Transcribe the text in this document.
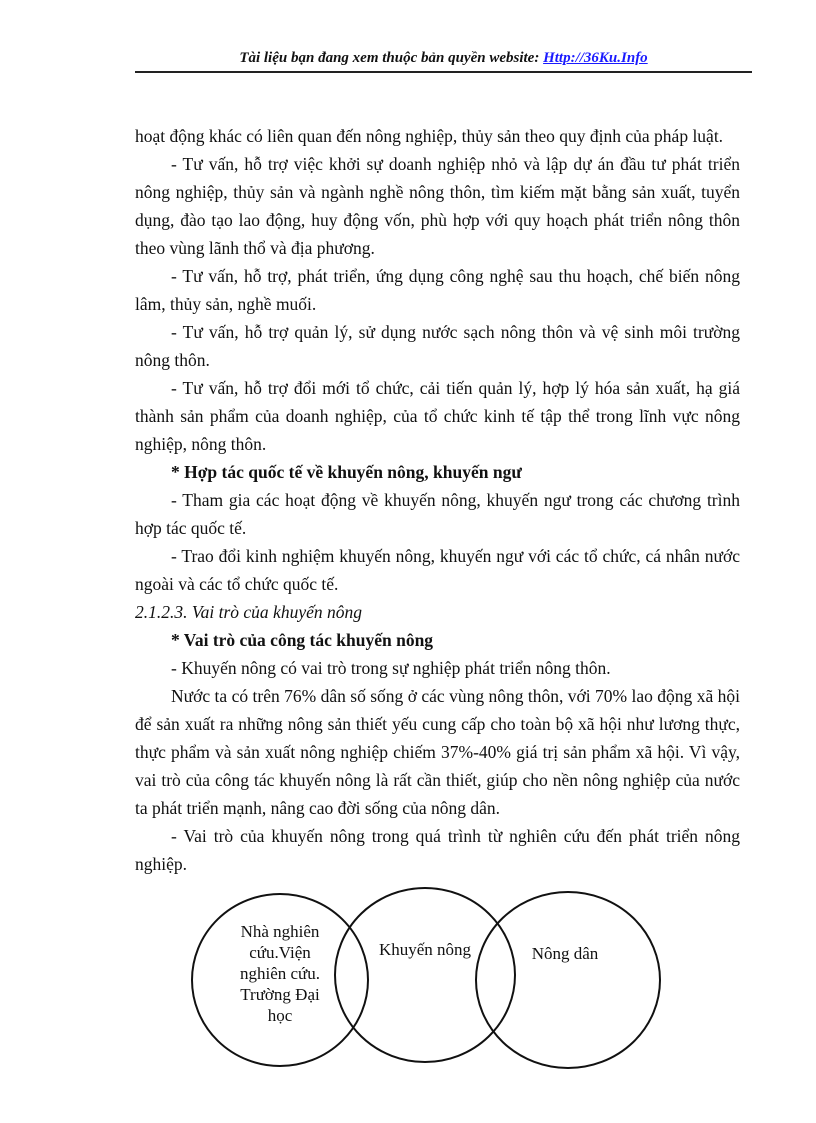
Tài liệu bạn đang xem thuộc bản quyền website: Http://36Ku.Info

hoạt động khác có liên quan đến nông nghiệp, thủy sản theo quy định của pháp luật.

- Tư vấn, hỗ trợ việc khởi sự doanh nghiệp nhỏ và lập dự án đầu tư phát triển nông nghiệp, thủy sản và ngành nghề nông thôn, tìm kiếm mặt bằng sản xuất, tuyển dụng, đào tạo lao động, huy động vốn, phù hợp với quy hoạch phát triển nông thôn theo vùng lãnh thổ và địa phương.

- Tư vấn, hỗ trợ, phát triển, ứng dụng công nghệ sau thu hoạch, chế biến nông lâm, thủy sản, nghề muối.

- Tư vấn, hỗ trợ quản lý, sử dụng nước sạch nông thôn và vệ sinh môi trường nông thôn.

- Tư vấn, hỗ trợ đổi mới tổ chức, cải tiến quản lý, hợp lý hóa sản xuất, hạ giá thành sản phẩm của doanh nghiệp, của tổ chức kinh tế tập thể trong lĩnh vực nông nghiệp, nông thôn.

* Hợp tác quốc tế về khuyến nông, khuyến ngư

- Tham gia các hoạt động về khuyến nông, khuyến ngư trong các chương trình hợp tác quốc tế.

- Trao đổi kinh nghiệm khuyến nông, khuyến ngư với các tổ chức, cá nhân nước ngoài và các tổ chức quốc tế.

2.1.2.3. Vai trò của khuyến nông

* Vai trò của công tác khuyến nông

- Khuyến nông có vai trò trong sự nghiệp phát triển nông thôn.

Nước ta có trên 76% dân số sống ở các vùng nông thôn, với 70% lao động xã hội để sản xuất ra những nông sản thiết yếu cung cấp cho toàn bộ xã hội như lương thực, thực phẩm và sản xuất nông nghiệp chiếm 37%-40% giá trị sản phẩm xã hội. Vì vậy, vai trò của công tác khuyến nông là rất cần thiết, giúp cho nền nông nghiệp của nước ta phát triển mạnh, nâng cao đời sống của nông dân.

- Vai trò của khuyến nông trong quá trình từ nghiên cứu đến phát triển nông nghiệp.

Nhà nghiên cứu.Viện nghiên cứu. Trường Đại học
Khuyến nông	Nông dân
